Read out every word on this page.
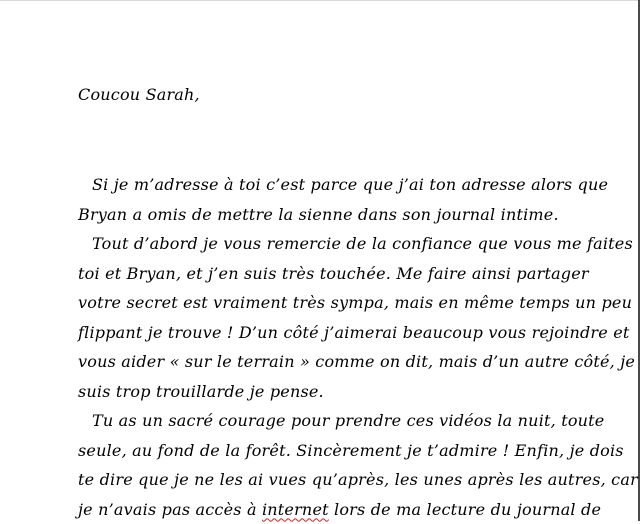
Coucou Sarah,
Si je m’adresse à toi c’est parce que j’ai ton adresse alors que
Bryan a omis de mettre la sienne dans son journal intime.
Tout d’abord je vous remercie de la confiance que vous me faites
toi et Bryan, et j’en suis très touchée. Me faire ainsi partager
votre secret est vraiment très sympa, mais en même temps un peu
flippant je trouve ! D’un côté j’aimerai beaucoup vous rejoindre et
vous aider « sur le terrain » comme on dit, mais d’un autre côté, je
suis trop trouillarde je pense.
Tu as un sacré courage pour prendre ces vidéos la nuit, toute
seule, au fond de la forêt. Sincèrement je t’admire ! Enfin, je dois
te dire que je ne les ai vues qu’après, les unes après les autres, car
je n’avais pas accès à internet lors de ma lecture du journal de
